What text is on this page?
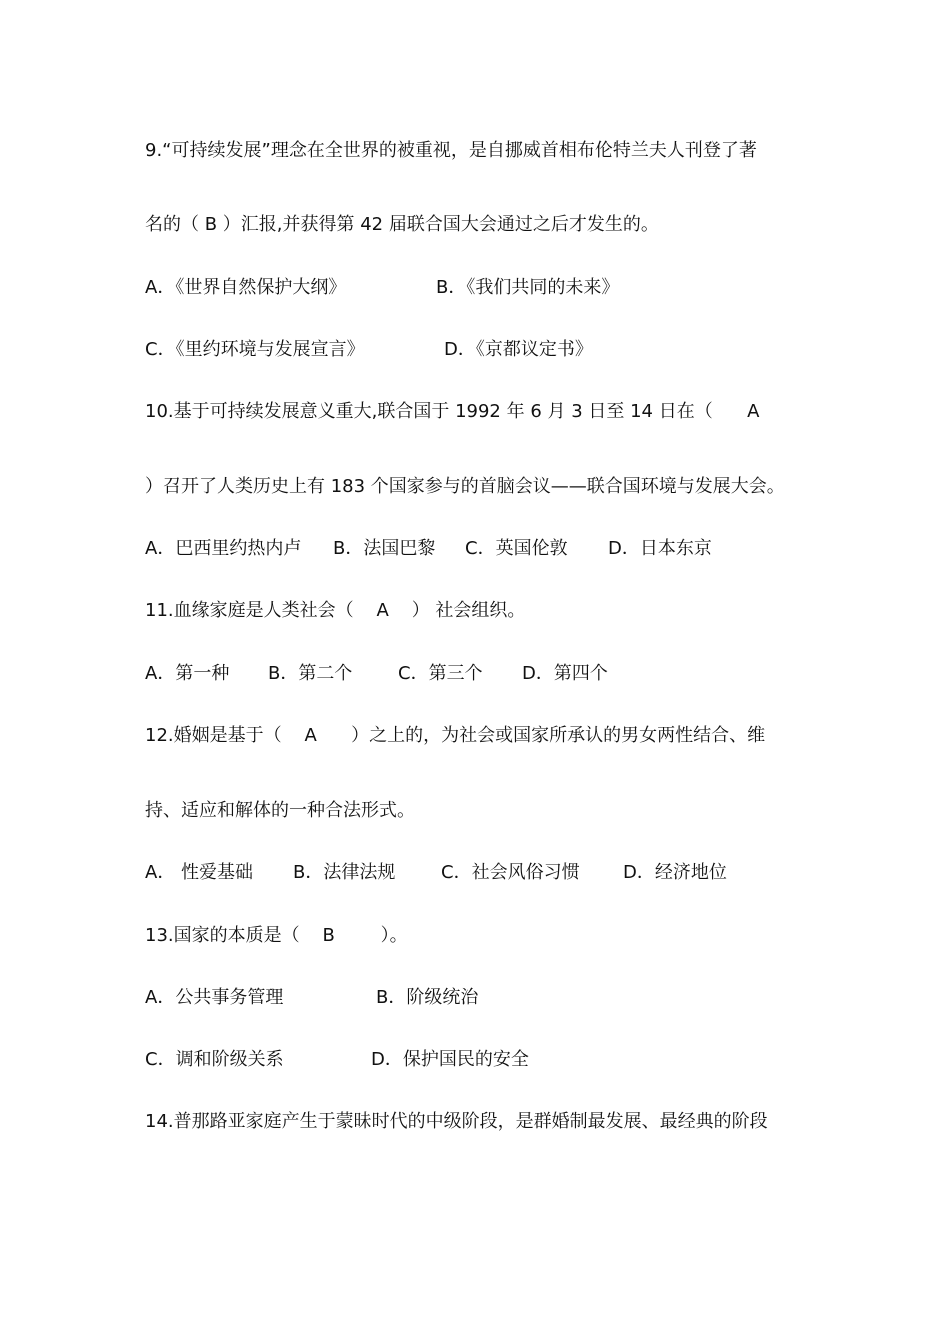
9.“可持续发展”理念在全世界的被重视，是自挪威首相布伦特兰夫人刊登了著
名的（ B ）汇报,并获得第 42 届联合国大会通过之后才发生的。
A．《世界自然保护大纲》	B．《我们共同的未来》
C．《里约环境与发展宣言》	D．《京都议定书》
10.基于可持续发展意义重大,联合国于 1992 年 6 月 3 日至 14 日在（      A
）召开了人类历史上有 183 个国家参与的首脑会议——联合国环境与发展大会。
A．巴西里约热内卢 B．法国巴黎 C．英国伦敦 D．日本东京
11.血缘家庭是人类社会（    A    ） 社会组织。
A．第一种 B．第二个	C．第三个 D．第四个
12.婚姻是基于（    A      ）之上的，为社会或国家所承认的男女两性结合、维
持、适应和解体的一种合法形式。
A． 性爱基础 B．法律法规	C．社会风俗习惯 D．经济地位
13.国家的本质是（    B        ）。
A．公共事务管理	B．阶级统治
C．调和阶级关系	D．保护国民的安全
14.普那路亚家庭产生于蒙昧时代的中级阶段，是群婚制最发展、最经典的阶段
